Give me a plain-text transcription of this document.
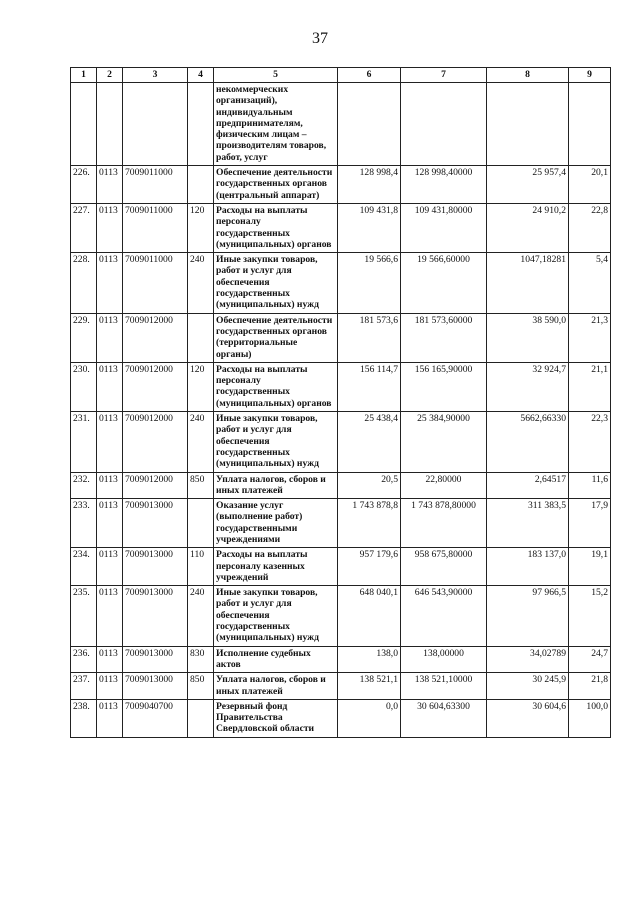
37
1	2	3	4	5	6	7	8	9
				некоммерческих организаций), индивидуальным предпринимателям, физическим лицам – производителям товаров, работ, услуг				
226.	0113	7009011000		Обеспечение деятельности государственных органов (центральный аппарат)	128 998,4	128 998,40000	25 957,4	20,1
227.	0113	7009011000	120	Расходы на выплаты персоналу государственных (муниципальных) органов	109 431,8	109 431,80000	24 910,2	22,8
228.	0113	7009011000	240	Иные закупки товаров, работ и услуг для обеспечения государственных (муниципальных) нужд	19 566,6	19 566,60000	1047,18281	5,4
229.	0113	7009012000		Обеспечение деятельности государственных органов (территориальные органы)	181 573,6	181 573,60000	38 590,0	21,3
230.	0113	7009012000	120	Расходы на выплаты персоналу государственных (муниципальных) органов	156 114,7	156 165,90000	32 924,7	21,1
231.	0113	7009012000	240	Иные закупки товаров, работ и услуг для обеспечения государственных (муниципальных) нужд	25 438,4	25 384,90000	5662,66330	22,3
232.	0113	7009012000	850	Уплата налогов, сборов и иных платежей	20,5	22,80000	2,64517	11,6
233.	0113	7009013000		Оказание услуг (выполнение работ) государственными учреждениями	1 743 878,8	1 743 878,80000	311 383,5	17,9
234.	0113	7009013000	110	Расходы на выплаты персоналу казенных учреждений	957 179,6	958 675,80000	183 137,0	19,1
235.	0113	7009013000	240	Иные закупки товаров, работ и услуг для обеспечения государственных (муниципальных) нужд	648 040,1	646 543,90000	97 966,5	15,2
236.	0113	7009013000	830	Исполнение судебных актов	138,0	138,00000	34,02789	24,7
237.	0113	7009013000	850	Уплата налогов, сборов и иных платежей	138 521,1	138 521,10000	30 245,9	21,8
238.	0113	7009040700		Резервный фонд Правительства Свердловской области	0,0	30 604,63300	30 604,6	100,0
